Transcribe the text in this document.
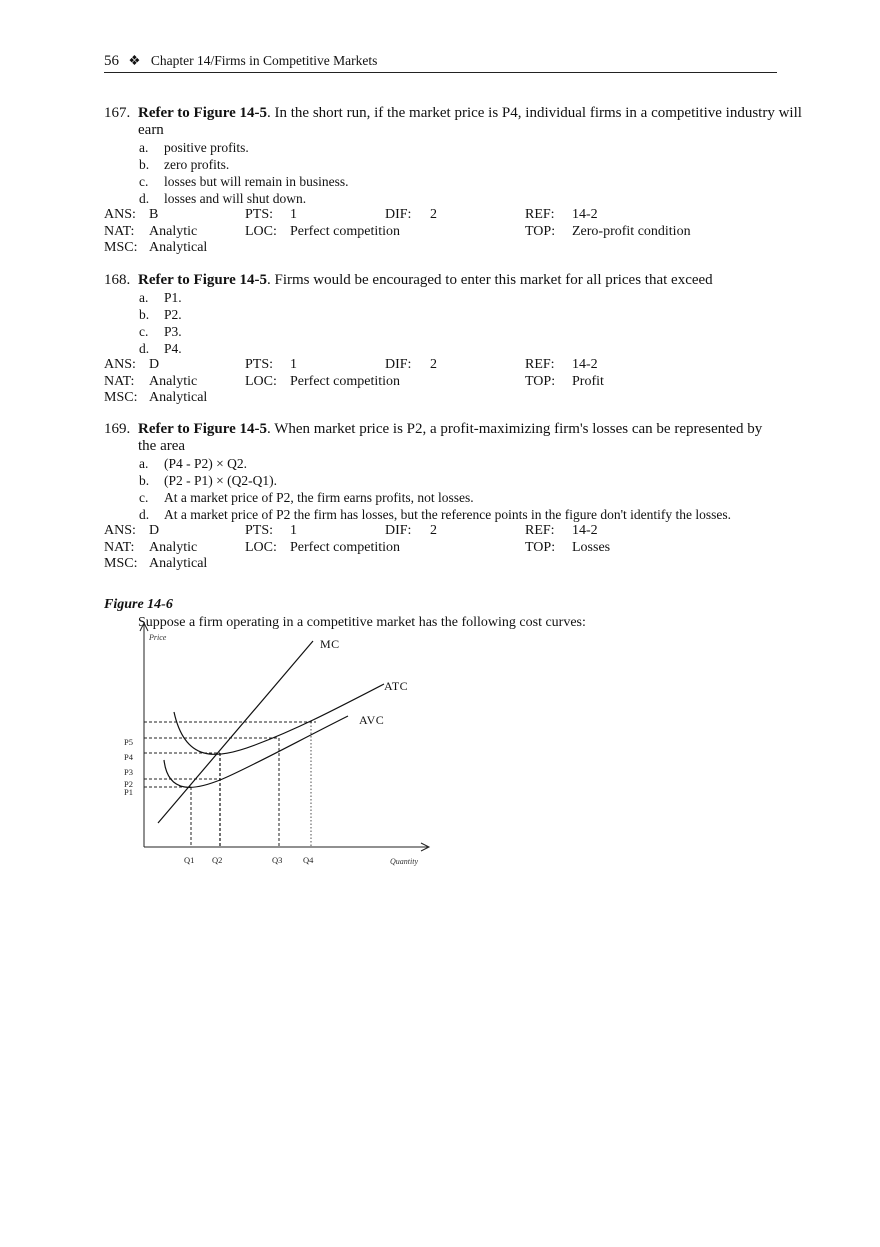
56 ❖ Chapter 14/Firms in Competitive Markets
167. Refer to Figure 14-5. In the short run, if the market price is P4, individual firms in a competitive industry will earn
a. positive profits.
b. zero profits.
c. losses but will remain in business.
d. losses and will shut down.
ANS: B	PTS: 1	DIF: 2	REF: 14-2
NAT: Analytic	LOC: Perfect competition	TOP: Zero-profit condition
MSC: Analytical
168. Refer to Figure 14-5. Firms would be encouraged to enter this market for all prices that exceed
a. P1.
b. P2.
c. P3.
d. P4.
ANS: D	PTS: 1	DIF: 2	REF: 14-2
NAT: Analytic	LOC: Perfect competition	TOP: Profit
MSC: Analytical
169. Refer to Figure 14-5. When market price is P2, a profit-maximizing firm's losses can be represented by the area
a. (P4 - P2) × Q2.
b. (P2 - P1) × (Q2-Q1).
c. At a market price of P2, the firm earns profits, not losses.
d. At a market price of P2 the firm has losses, but the reference points in the figure don't identify the losses.
ANS: D	PTS: 1	DIF: 2	REF: 14-2
NAT: Analytic	LOC: Perfect competition	TOP: Losses
MSC: Analytical
Figure 14-6
Suppose a firm operating in a competitive market has the following cost curves:
Price
Quantity
MC
ATC
AVC
P5
P4
P3
P2
P1
Q1 Q2	Q3 Q4
